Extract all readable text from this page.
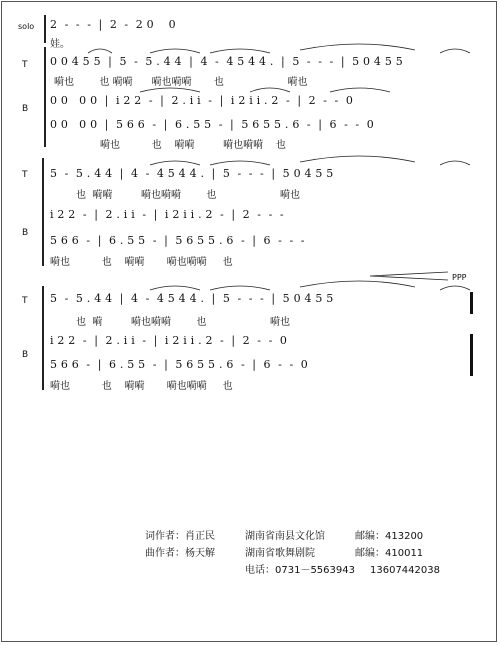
solo
T
B
2  -  -  -  |  2  -  2 0    0
娃。
0 0 4 5 5  |  5  -  5 . 4 4  |  4  -  4 5 4 4 .  |  5  -  -  -  |  5 0 4 5 5
嗬也        也 嗬嗬      嗬也嗬嗬       也                    嗬也
0 0   0 0  |  i 2 2  -  |  2 . i i  -  |  i 2 i i . 2  -  |  2  -  -  0
0 0   0 0  |  5 6 6  -  |  6 . 5 5  -  |  5 6 5 5 . 6  -  |  6  -  -  0
嗬也          也    嗬嗬         嗬也嗬嗬    也
T
B
5  -  5 . 4 4  |  4  -  4 5 4 4 .  |  5  -  -  -  |  5 0 4 5 5
也  嗬嗬         嗬也嗬嗬        也                    嗬也
i 2 2  -  |  2 . i i  -  |  i 2 i i . 2  -  |  2  -  -  -
5 6 6  -  |  6 . 5 5  -  |  5 6 5 5 . 6  -  |  6  -  -  -
嗬也          也    嗬嗬       嗬也嗬嗬     也
PPP
T
B
5  -  5 . 4 4  |  4  -  4 5 4 4 .  |  5  -  -  -  |  5 0 4 5 5
也  嗬         嗬也嗬嗬        也                    嗬也
i 2 2  -  |  2 . i i  -  |  i 2 i i . 2  -  |  2  -  -  0
5 6 6  -  |  6 . 5 5  -  |  5 6 5 5 . 6  -  |  6  -  -  0
嗬也          也    嗬嗬       嗬也嗬嗬     也
词作者：肖正民	湖南省南县文化馆	邮编：413200
曲作者：杨天解	湖南省歌舞剧院	邮编：410011
电话：0731－5563943 13607442038
